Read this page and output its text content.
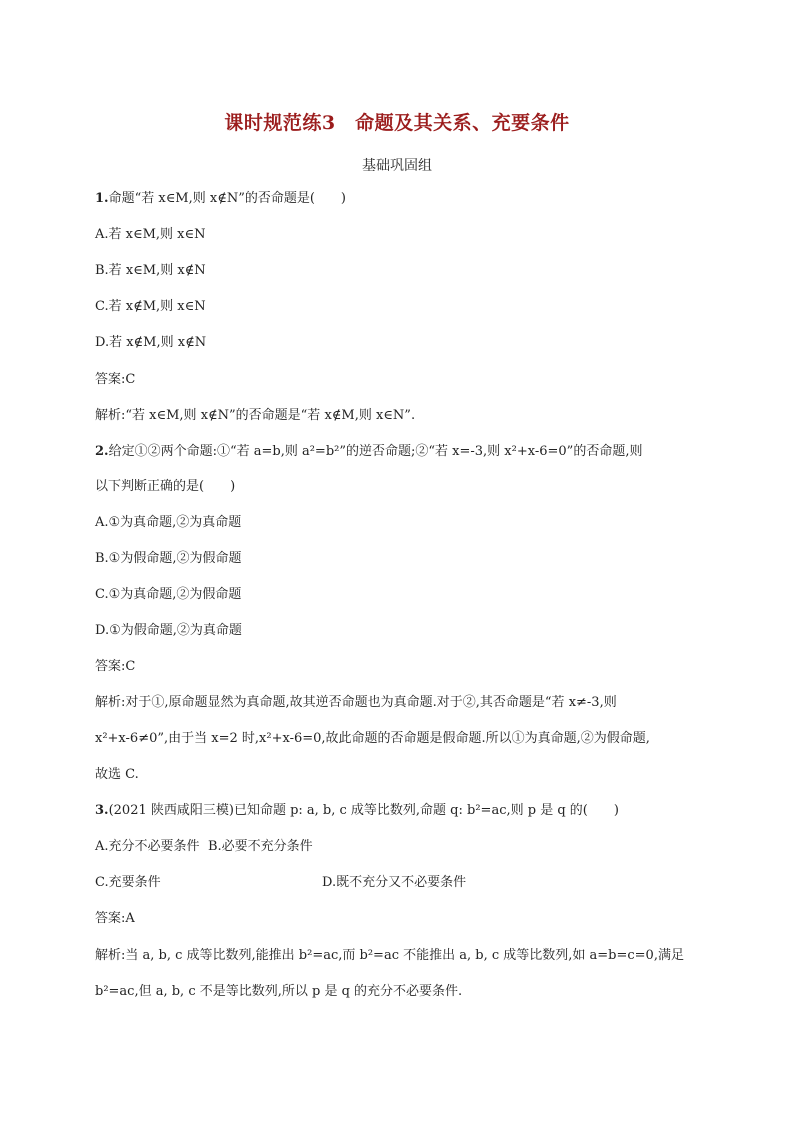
课时规范练3　命题及其关系、充要条件
基础巩固组
1.命题“若 x∈M,则 x∉N”的否命题是(　　)
A.若 x∈M,则 x∈N
B.若 x∈M,则 x∉N
C.若 x∉M,则 x∈N
D.若 x∉M,则 x∉N
答案:C
解析:“若 x∈M,则 x∉N”的否命题是“若 x∉M,则 x∈N”.
2.给定①②两个命题:①“若 a=b,则 a²=b²”的逆否命题;②“若 x=-3,则 x²+x-6=0”的否命题,则
以下判断正确的是(　　)
A.①为真命题,②为真命题
B.①为假命题,②为假命题
C.①为真命题,②为假命题
D.①为假命题,②为真命题
答案:C
解析:对于①,原命题显然为真命题,故其逆否命题也为真命题.对于②,其否命题是“若 x≠-3,则
x²+x-6≠0”,由于当 x=2 时,x²+x-6=0,故此命题的否命题是假命题.所以①为真命题,②为假命题,
故选 C.
3.(2021 陕西咸阳三模)已知命题 p: a, b, c 成等比数列,命题 q: b²=ac,则 p 是 q 的(　　)
A.充分不必要条件 B.必要不充分条件
C.充要条件	D.既不充分又不必要条件
答案:A
解析:当 a, b, c 成等比数列,能推出 b²=ac,而 b²=ac 不能推出 a, b, c 成等比数列,如 a=b=c=0,满足
b²=ac,但 a, b, c 不是等比数列,所以 p 是 q 的充分不必要条件.
